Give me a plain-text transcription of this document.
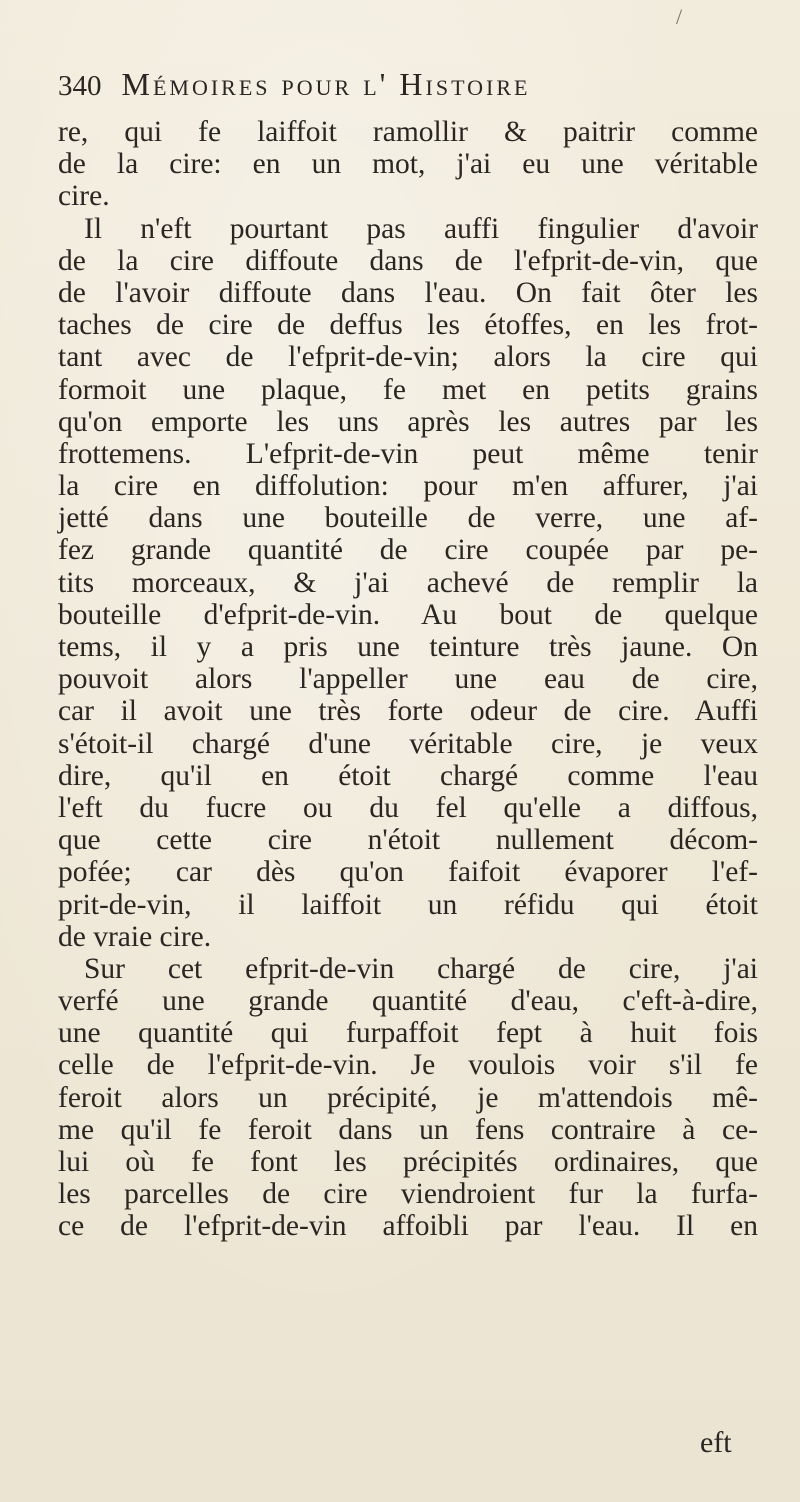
/
340 Mémoires pour l' Histoire
re, qui fe laiffoit ramollir & paitrir comme
de la cire: en un mot, j'ai eu une véritable
cire.
Il n'eft pourtant pas auffi fingulier d'avoir
de la cire diffoute dans de l'efprit-de-vin, que
de l'avoir diffoute dans l'eau. On fait ôter les
taches de cire de deffus les étoffes, en les frot-
tant avec de l'efprit-de-vin; alors la cire qui
formoit une plaque, fe met en petits grains
qu'on emporte les uns après les autres par les
frottemens. L'efprit-de-vin peut même tenir
la cire en diffolution: pour m'en affurer, j'ai
jetté dans une bouteille de verre, une af-
fez grande quantité de cire coupée par pe-
tits morceaux, & j'ai achevé de remplir la
bouteille d'efprit-de-vin. Au bout de quelque
tems, il y a pris une teinture très jaune. On
pouvoit alors l'appeller une eau de cire,
car il avoit une très forte odeur de cire. Auffi
s'étoit-il chargé d'une véritable cire, je veux
dire, qu'il en étoit chargé comme l'eau
l'eft du fucre ou du fel qu'elle a diffous,
que cette cire n'étoit nullement décom-
pofée; car dès qu'on faifoit évaporer l'ef-
prit-de-vin, il laiffoit un réfidu qui étoit
de vraie cire.
Sur cet efprit-de-vin chargé de cire, j'ai
verfé une grande quantité d'eau, c'eft-à-dire,
une quantité qui furpaffoit fept à huit fois
celle de l'efprit-de-vin. Je voulois voir s'il fe
feroit alors un précipité, je m'attendois mê-
me qu'il fe feroit dans un fens contraire à ce-
lui où fe font les précipités ordinaires, que
les parcelles de cire viendroient fur la furfa-
ce de l'efprit-de-vin affoibli par l'eau. Il en
eft
